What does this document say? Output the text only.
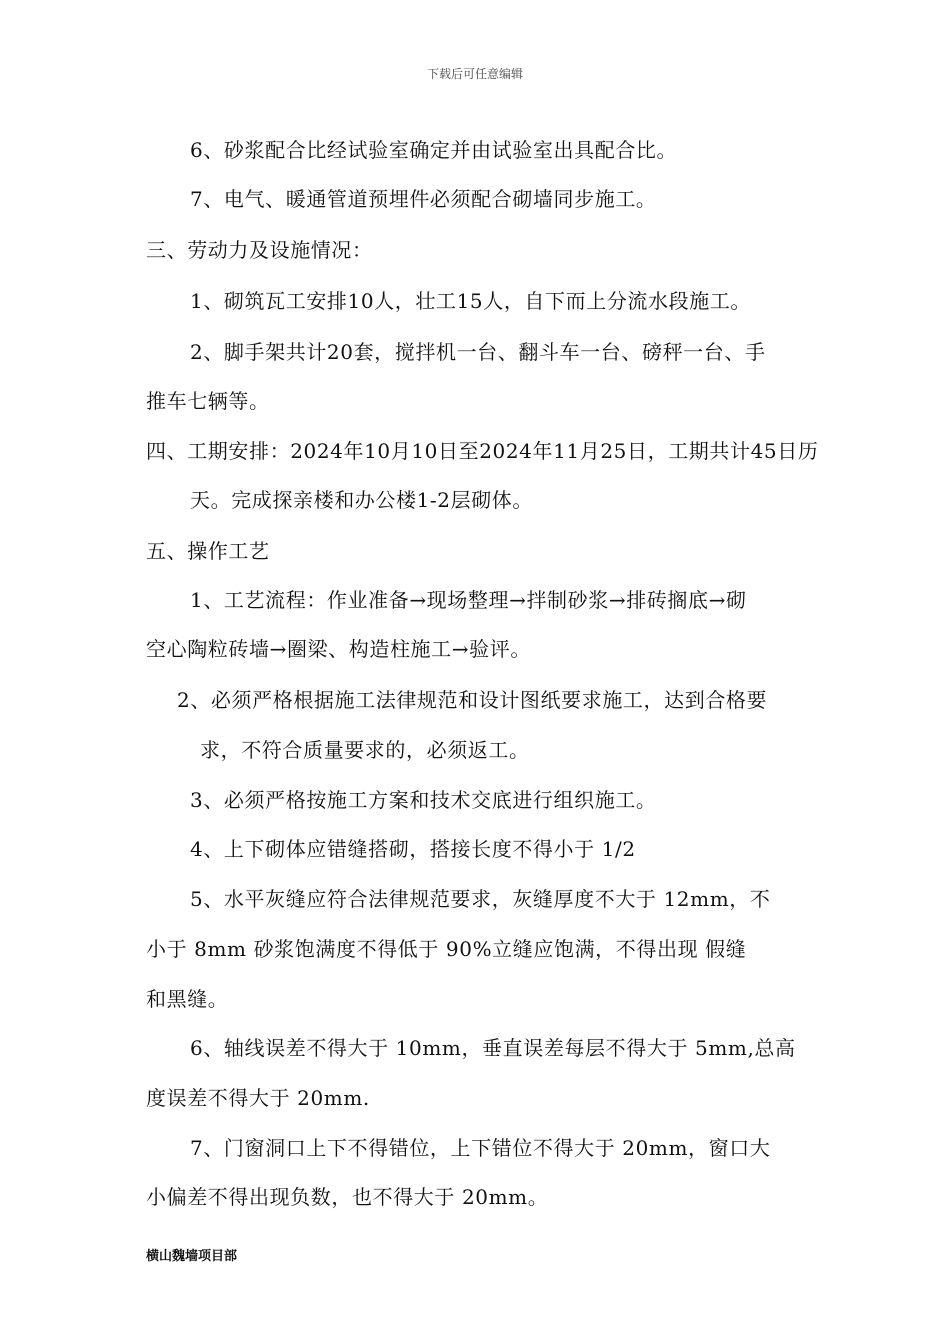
下载后可任意编辑
6、砂浆配合比经试验室确定并由试验室出具配合比。
7、电气、暖通管道预埋件必须配合砌墙同步施工。
三、劳动力及设施情况：
1、砌筑瓦工安排10人，壮工15人，自下而上分流水段施工。
2、脚手架共计20套，搅拌机一台、翻斗车一台、磅秤一台、手
推车七辆等。
四、工期安排：2024年10月10日至2024年11月25日，工期共计45日历
天。完成探亲楼和办公楼1-2层砌体。
五、操作工艺
1、工艺流程：作业准备→现场整理→拌制砂浆→排砖搁底→砌
空心陶粒砖墙→圈梁、构造柱施工→验评。
2、必须严格根据施工法律规范和设计图纸要求施工，达到合格要
求，不符合质量要求的，必须返工。
3、必须严格按施工方案和技术交底进行组织施工。
4、上下砌体应错缝搭砌，搭接长度不得小于 1/2
5、水平灰缝应符合法律规范要求，灰缝厚度不大于 12mm，不
小于 8mm 砂浆饱满度不得低于 90%立缝应饱满，不得出现 假缝
和黑缝。
6、轴线误差不得大于 10mm，垂直误差每层不得大于 5mm,总高
度误差不得大于 20mm.
7、门窗洞口上下不得错位，上下错位不得大于 20mm，窗口大
小偏差不得出现负数，也不得大于 20mm。
横山魏墙项目部
